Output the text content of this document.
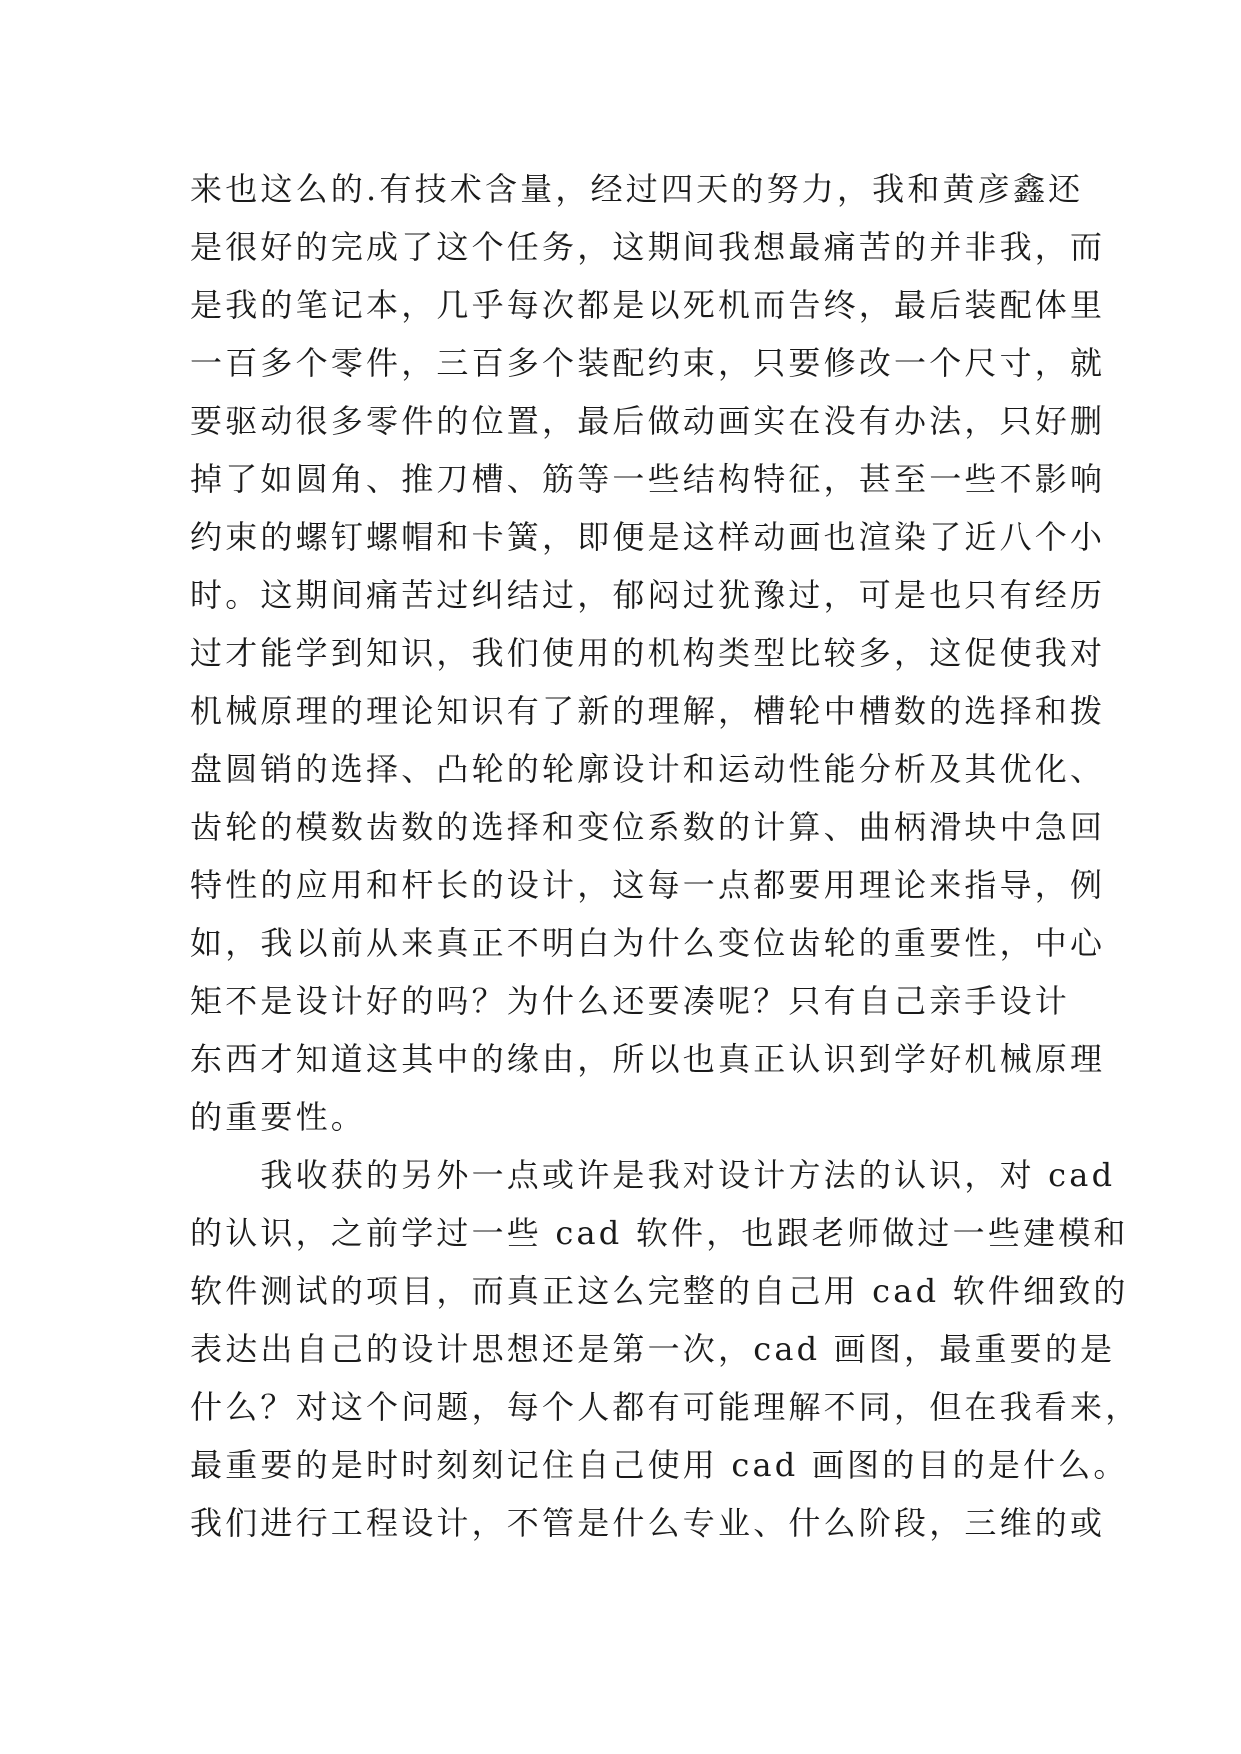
来也这么的.有技术含量，经过四天的努力，我和黄彦鑫还
是很好的完成了这个任务，这期间我想最痛苦的并非我，而
是我的笔记本，几乎每次都是以死机而告终，最后装配体里
一百多个零件，三百多个装配约束，只要修改一个尺寸，就
要驱动很多零件的位置，最后做动画实在没有办法，只好删
掉了如圆角、推刀槽、筋等一些结构特征，甚至一些不影响
约束的螺钉螺帽和卡簧，即便是这样动画也渲染了近八个小
时。这期间痛苦过纠结过，郁闷过犹豫过，可是也只有经历
过才能学到知识，我们使用的机构类型比较多，这促使我对
机械原理的理论知识有了新的理解，槽轮中槽数的选择和拨
盘圆销的选择、凸轮的轮廓设计和运动性能分析及其优化、
齿轮的模数齿数的选择和变位系数的计算、曲柄滑块中急回
特性的应用和杆长的设计，这每一点都要用理论来指导，例
如，我以前从来真正不明白为什么变位齿轮的重要性，中心
矩不是设计好的吗？为什么还要凑呢？只有自己亲手设计
东西才知道这其中的缘由，所以也真正认识到学好机械原理
的重要性。
　　我收获的另外一点或许是我对设计方法的认识，对 cad
的认识，之前学过一些 cad 软件，也跟老师做过一些建模和
软件测试的项目，而真正这么完整的自己用 cad 软件细致的
表达出自己的设计思想还是第一次，cad 画图，最重要的是
什么？对这个问题，每个人都有可能理解不同，但在我看来，
最重要的是时时刻刻记住自己使用 cad 画图的目的是什么。
我们进行工程设计，不管是什么专业、什么阶段，三维的或
